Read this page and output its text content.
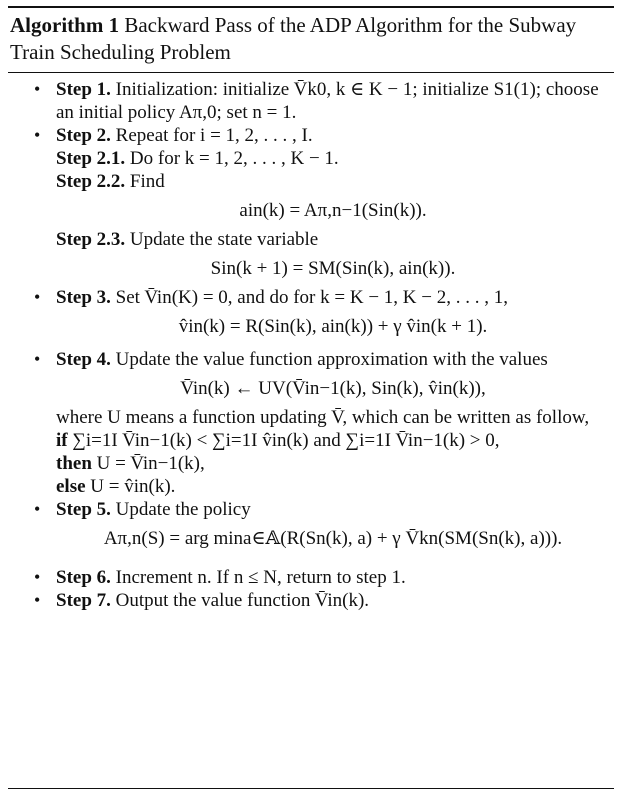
Algorithm 1 Backward Pass of the ADP Algorithm for the Subway Train Scheduling Problem
• Step 1. Initialization: initialize V̄k0, k ∈ K − 1; initialize S1(1); choose an initial policy Aπ,0; set n = 1.
• Step 2. Repeat for i = 1, 2, . . . , I.
Step 2.1. Do for k = 1, 2, . . . , K − 1.
Step 2.2. Find
ain(k) = Aπ,n−1(Sin(k)).
Step 2.3. Update the state variable
Sin(k + 1) = SM(Sin(k), ain(k)).
• Step 3. Set V̄in(K) = 0, and do for k = K − 1, K − 2, . . . , 1,
v̂in(k) = R(Sin(k), ain(k)) + γ v̂in(k + 1).
• Step 4. Update the value function approximation with the values
V̄in(k) ← UV(V̄in−1(k), Sin(k), v̂in(k)),
where U means a function updating V̄, which can be written as follow,
if ∑i=1I V̄in−1(k) < ∑i=1I v̂in(k) and ∑i=1I V̄in−1(k) > 0,
then U = V̄in−1(k),
else U = v̂in(k).
• Step 5. Update the policy
Aπ,n(S) = arg mina∈𝔸(R(Sn(k), a) + γ V̄kn(SM(Sn(k), a))).
• Step 6. Increment n. If n ≤ N, return to step 1.
• Step 7. Output the value function V̄in(k).
